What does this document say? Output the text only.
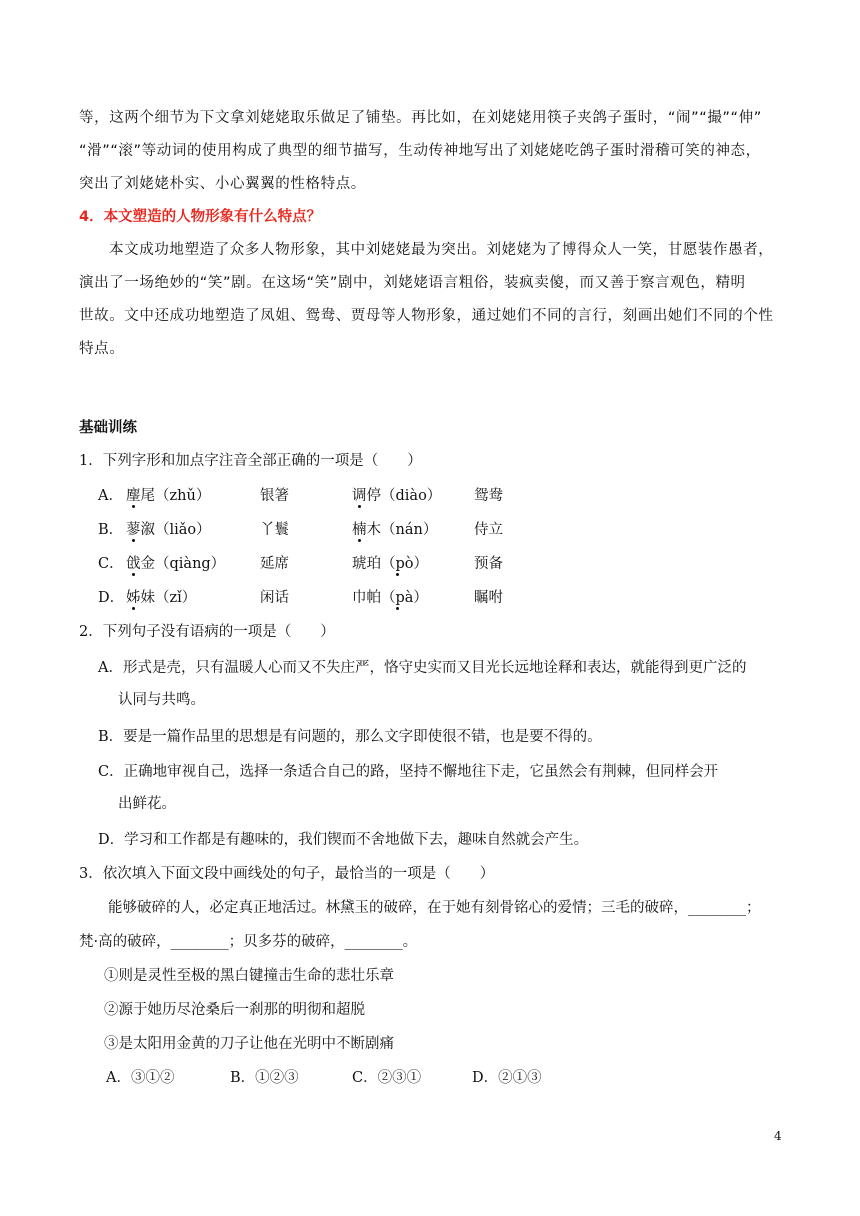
等，这两个细节为下文拿刘姥姥取乐做足了铺垫。再比如，在刘姥姥用筷子夹鸽子蛋时，“闹”“撮”“伸”
“滑”“滚”等动词的使用构成了典型的细节描写，生动传神地写出了刘姥姥吃鸽子蛋时滑稽可笑的神态，
突出了刘姥姥朴实、小心翼翼的性格特点。
4．本文塑造的人物形象有什么特点？
本文成功地塑造了众多人物形象，其中刘姥姥最为突出。刘姥姥为了博得众人一笑，甘愿装作愚者，
演出了一场绝妙的“笑”剧。在这场“笑”剧中，刘姥姥语言粗俗，装疯卖傻，而又善于察言观色，精明
世故。文中还成功地塑造了凤姐、鸳鸯、贾母等人物形象，通过她们不同的言行，刻画出她们不同的个性
特点。
基础训练
1．下列字形和加点字注音全部正确的一项是（　　）
A． 麈尾（zhǔ）	银箸	调停（diào） 鸳鸯
B． 蓼溆（liǎo）	丫鬟	楠木（nán）	侍立
C． 戗金（qiàng） 延席	琥珀（pò）	预备
D． 姊妹（zǐ）	闲话	巾帕（pà）	瞩咐
2．下列句子没有语病的一项是（　　）
A．形式是壳，只有温暖人心而又不失庄严，恪守史实而又目光长远地诠释和表达，就能得到更广泛的
认同与共鸣。
B．要是一篇作品里的思想是有问题的，那么文字即使很不错，也是要不得的。
C．正确地审视自己，选择一条适合自己的路，坚持不懈地往下走，它虽然会有荆棘，但同样会开
出鲜花。
D．学习和工作都是有趣味的，我们锲而不舍地做下去，趣味自然就会产生。
3．依次填入下面文段中画线处的句子，最恰当的一项是（　　）
能够破碎的人，必定真正地活过。林黛玉的破碎，在于她有刻骨铭心的爱情；三毛的破碎，________；
梵·高的破碎，________；贝多芬的破碎，________。
①则是灵性至极的黑白键撞击生命的悲壮乐章
②源于她历尽沧桑后一刹那的明彻和超脱
③是太阳用金黄的刀子让他在光明中不断剧痛
A．③①②	B．①②③	C．②③①	D．②①③
4
